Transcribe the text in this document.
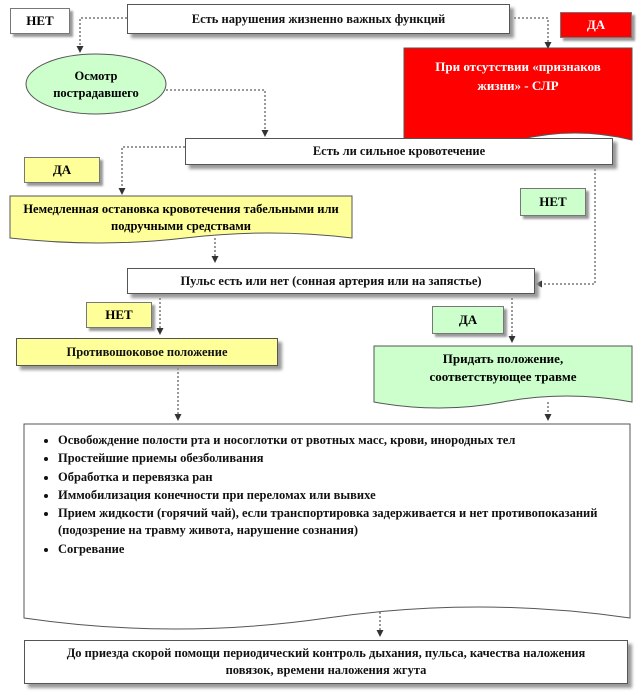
НЕТ	Есть нарушения жизненно важных функций	ДА
Осмотр пострадавшего
При отсутствии «признаков жизни» - СЛР
Есть ли сильное кровотечение
ДА
НЕТ
Немедленная остановка кровотечения табельными или подручными средствами
Пульс есть или нет (сонная артерия или на запястье)
НЕТ	ДА
Противошоковое положение	Придать положение, соответствующее травме
• Освобождение полости рта и носоглотки от рвотных масс, крови, инородных тел
• Простейшие приемы обезболивания
• Обработка и перевязка ран
• Иммобилизация конечности при переломах или вывихе
• Прием жидкости (горячий чай), если транспортировка задерживается и нет противопоказаний (подозрение на травму живота, нарушение сознания)
• Согревание
До приезда скорой помощи периодический контроль дыхания, пульса, качества наложения повязок, времени наложения жгута
